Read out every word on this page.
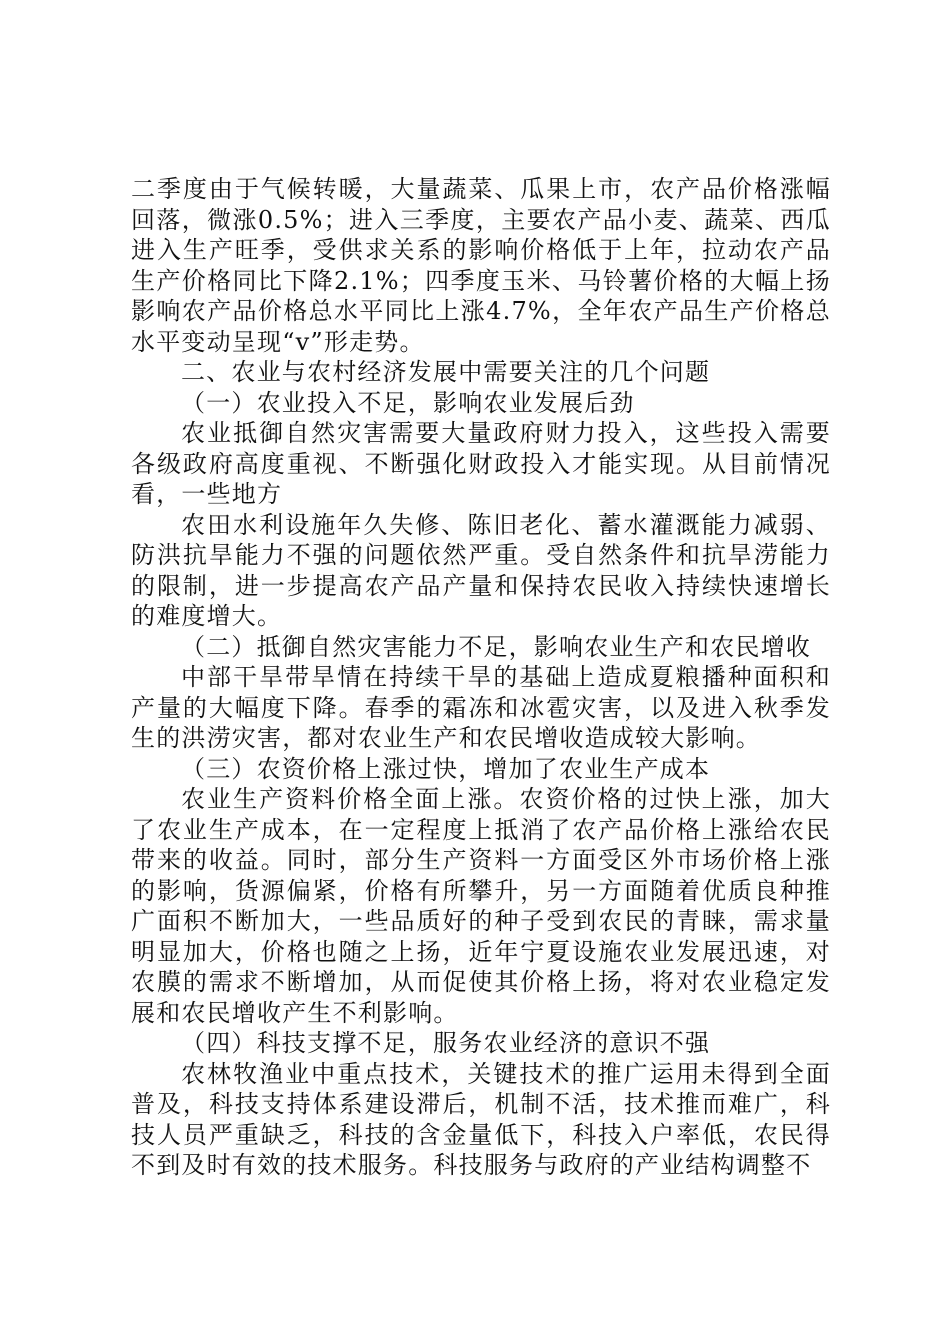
二季度由于气候转暖，大量蔬菜、瓜果上市，农产品价格涨幅回落，微涨0.5%；进入三季度，主要农产品小麦、蔬菜、西瓜进入生产旺季，受供求关系的影响价格低于上年，拉动农产品生产价格同比下降2.1%；四季度玉米、马铃薯价格的大幅上扬影响农产品价格总水平同比上涨4.7%，全年农产品生产价格总水平变动呈现“v”形走势。

二、农业与农村经济发展中需要关注的几个问题

（一）农业投入不足，影响农业发展后劲

农业抵御自然灾害需要大量政府财力投入，这些投入需要各级政府高度重视、不断强化财政投入才能实现。从目前情况看，一些地方

农田水利设施年久失修、陈旧老化、蓄水灌溉能力减弱、防洪抗旱能力不强的问题依然严重。受自然条件和抗旱涝能力的限制，进一步提高农产品产量和保持农民收入持续快速增长的难度增大。

（二）抵御自然灾害能力不足，影响农业生产和农民增收

中部干旱带旱情在持续干旱的基础上造成夏粮播种面积和产量的大幅度下降。春季的霜冻和冰雹灾害，以及进入秋季发生的洪涝灾害，都对农业生产和农民增收造成较大影响。

（三）农资价格上涨过快，增加了农业生产成本

农业生产资料价格全面上涨。农资价格的过快上涨，加大了农业生产成本，在一定程度上抵消了农产品价格上涨给农民带来的收益。同时，部分生产资料一方面受区外市场价格上涨的影响，货源偏紧，价格有所攀升，另一方面随着优质良种推广面积不断加大，一些品质好的种子受到农民的青睐，需求量明显加大，价格也随之上扬，近年宁夏设施农业发展迅速，对农膜的需求不断增加，从而促使其价格上扬，将对农业稳定发展和农民增收产生不利影响。

（四）科技支撑不足，服务农业经济的意识不强

农林牧渔业中重点技术，关键技术的推广运用未得到全面普及，科技支持体系建设滞后，机制不活，技术推而难广，科技人员严重缺乏，科技的含金量低下，科技入户率低，农民得不到及时有效的技术服务。科技服务与政府的产业结构调整不
